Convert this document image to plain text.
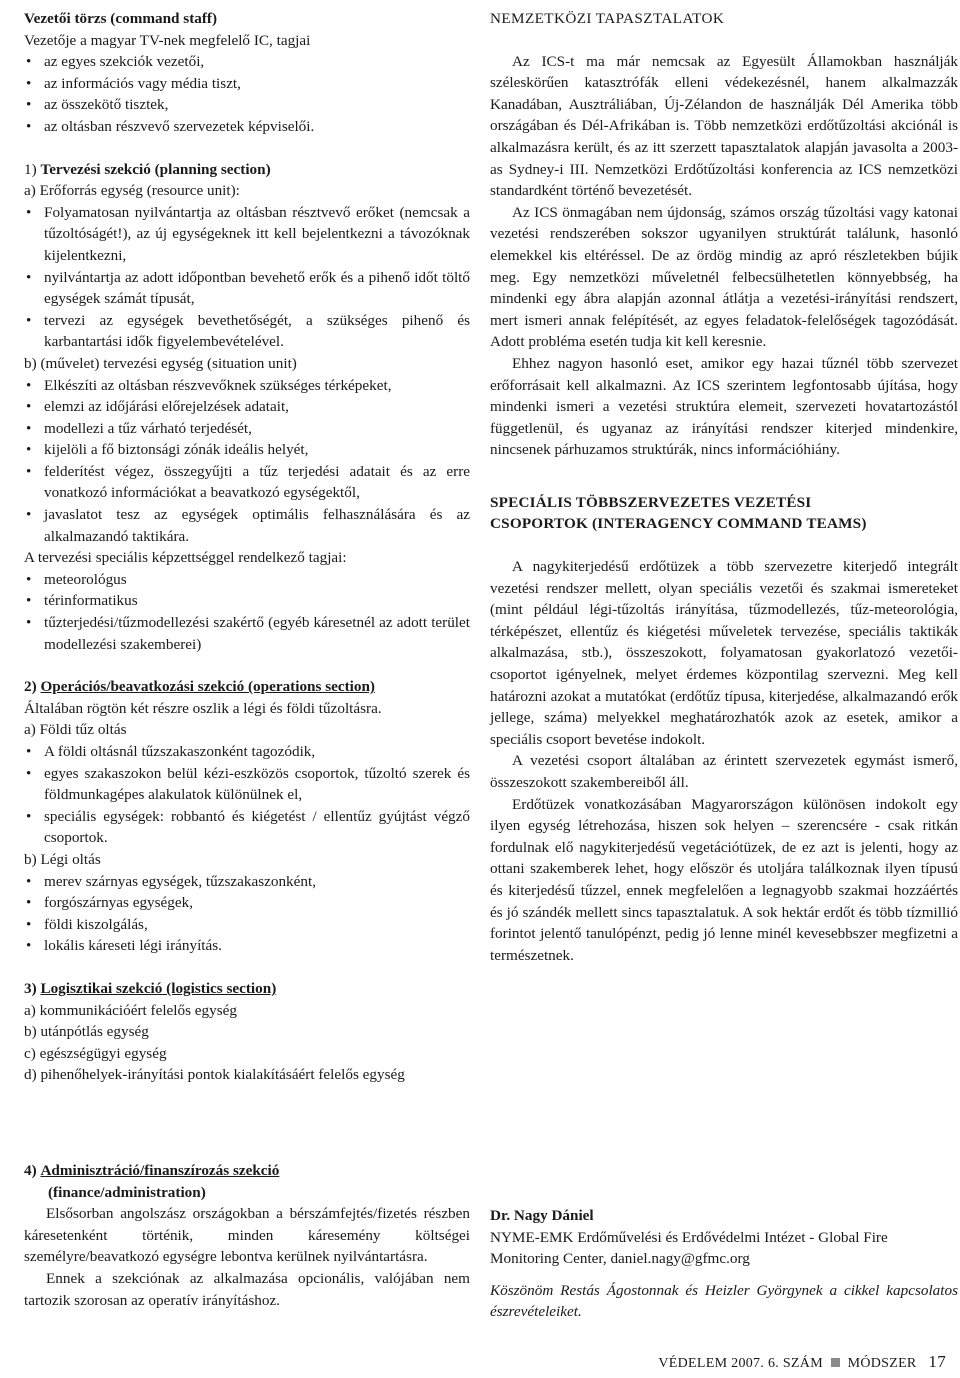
Vezetői törzs (command staff)

Vezetője a magyar TV-nek megfelelő IC, tagjai

• az egyes szekciók vezetői,

• az információs vagy média tiszt,

• az összekötő tisztek,

• az oltásban részvevő szervezetek képviselői.

1) Tervezési szekció (planning section)

a) Erőforrás egység (resource unit):

• Folyamatosan nyilvántartja az oltásban résztvevő erőket (nemcsak a tűzoltóságét!), az új egységeknek itt kell bejelentkezni a távozóknak kijelentkezni,

• nyilvántartja az adott időpontban bevehető erők és a pihenő időt töltő egységek számát típusát,

• tervezi az egységek bevethetőségét, a szükséges pihenő és karbantartási idők figyelembevételével.

b) (művelet) tervezési egység (situation unit)

• Elkészíti az oltásban részvevőknek szükséges térképeket,

• elemzi az időjárási előrejelzések adatait,

• modellezi a tűz várható terjedését,

• kijelöli a fő biztonsági zónák ideális helyét,

• felderítést végez, összegyűjti a tűz terjedési adatait és az erre vonatkozó információkat a beavatkozó egységektől,

• javaslatot tesz az egységek optimális felhasználására és az alkalmazandó taktikára.

A tervezési speciális képzettséggel rendelkező tagjai:

• meteorológus

• térinformatikus

• tűzterjedési/tűzmodellezési szakértő (egyéb káresetnél az adott terület modellezési szakemberei)

2) Operációs/beavatkozási szekció (operations section)

Általában rögtön két részre oszlik a légi és földi tűzoltásra.

a) Földi tűz oltás

• A földi oltásnál tűzszakaszonként tagozódik,

• egyes szakaszokon belül kézi-eszközös csoportok, tűzoltó szerek és földmunkagépes alakulatok különülnek el,

• speciális egységek: robbantó és kiégetést / ellentűz gyújtást végző csoportok.

b) Légi oltás

• merev szárnyas egységek, tűzszakaszonként,

• forgószárnyas egységek,

• földi kiszolgálás,

• lokális káreseti légi irányítás.

3) Logisztikai szekció (logistics section)

a) kommunikációért felelős egység

b) utánpótlás egység

c) egészségügyi egység

d) pihenőhelyek-irányítási pontok kialakításáért felelős egység

4) Adminisztráció/finanszírozás szekció

(finance/administration)

Elsősorban angolszász országokban a bérszámfejtés/fizetés részben káresetenként történik, minden káresemény költségei személyre/beavatkozó egységre lebontva kerülnek nyilvántartásra.

Ennek a szekciónak az alkalmazása opcionális, valójában nem tartozik szorosan az operatív irányításhoz.

NEMZETKÖZI TAPASZTALATOK

Az ICS-t ma már nemcsak az Egyesült Államokban használják széleskörűen katasztrófák elleni védekezésnél, hanem alkalmazzák Kanadában, Ausztráliában, Új-Zélandon de használják Dél Amerika több országában és Dél-Afrikában is. Több nemzetközi erdőtűzoltási akciónál is alkalmazásra került, és az itt szerzett tapasztalatok alapján javasolta a 2003-as Sydney-i III. Nemzetközi Erdőtűzoltási konferencia az ICS nemzetközi standardként történő bevezetését.

Az ICS önmagában nem újdonság, számos ország tűzoltási vagy katonai vezetési rendszerében sokszor ugyanilyen struktúrát találunk, hasonló elemekkel kis eltéréssel. De az ördög mindig az apró részletekben bújik meg. Egy nemzetközi műveletnél felbecsülhetetlen könnyebbség, ha mindenki egy ábra alapján azonnal átlátja a vezetési-irányítási rendszert, mert ismeri annak felépítését, az egyes feladatok-felelőségek tagozódását. Adott probléma esetén tudja kit kell keresnie.

Ehhez nagyon hasonló eset, amikor egy hazai tűznél több szervezet erőforrásait kell alkalmazni. Az ICS szerintem legfontosabb újítása, hogy mindenki ismeri a vezetési struktúra elemeit, szervezeti hovatartozástól függetlenül, és ugyanaz az irányítási rendszer kiterjed mindenkire, nincsenek párhuzamos struktúrák, nincs információhiány.

SPECIÁLIS TÖBBSZERVEZETES VEZETÉSI

CSOPORTOK (INTERAGENCY COMMAND TEAMS)

A nagykiterjedésű erdőtüzek a több szervezetre kiterjedő integrált vezetési rendszer mellett, olyan speciális vezetői és szakmai ismereteket (mint például légi-tűzoltás irányítása, tűzmodellezés, tűz-meteorológia, térképészet, ellentűz és kiégetési műveletek tervezése, speciális taktikák alkalmazása, stb.), összeszokott, folyamatosan gyakorlatozó vezetői-csoportot igényelnek, melyet érdemes központilag szervezni. Meg kell határozni azokat a mutatókat (erdőtűz típusa, kiterjedése, alkalmazandó erők jellege, száma) melyekkel meghatározhatók azok az esetek, amikor a speciális csoport bevetése indokolt.

A vezetési csoport általában az érintett szervezetek egymást ismerő, összeszokott szakembereiből áll.

Erdőtüzek vonatkozásában Magyarországon különösen indokolt egy ilyen egység létrehozása, hiszen sok helyen – szerencsére - csak ritkán fordulnak elő nagykiterjedésű vegetációtüzek, de ez azt is jelenti, hogy az ottani szakemberek lehet, hogy először és utoljára találkoznak ilyen típusú és kiterjedésű tűzzel, ennek megfelelően a legnagyobb szakmai hozzáértés és jó szándék mellett sincs tapasztalatuk. A sok hektár erdőt és több tízmillió forintot jelentő tanulópénzt, pedig jó lenne minél kevesebbszer megfizetni a természetnek.

Dr. Nagy Dániel

NYME-EMK Erdőművelési és Erdővédelmi Intézet - Global Fire Monitoring Center, daniel.nagy@gfmc.org

Köszönöm Restás Ágostonnak és Heizler Györgynek a cikkel kapcsolatos észrevételeiket.

VÉDELEM 2007. 6. SZÁM MÓDSZER 17
